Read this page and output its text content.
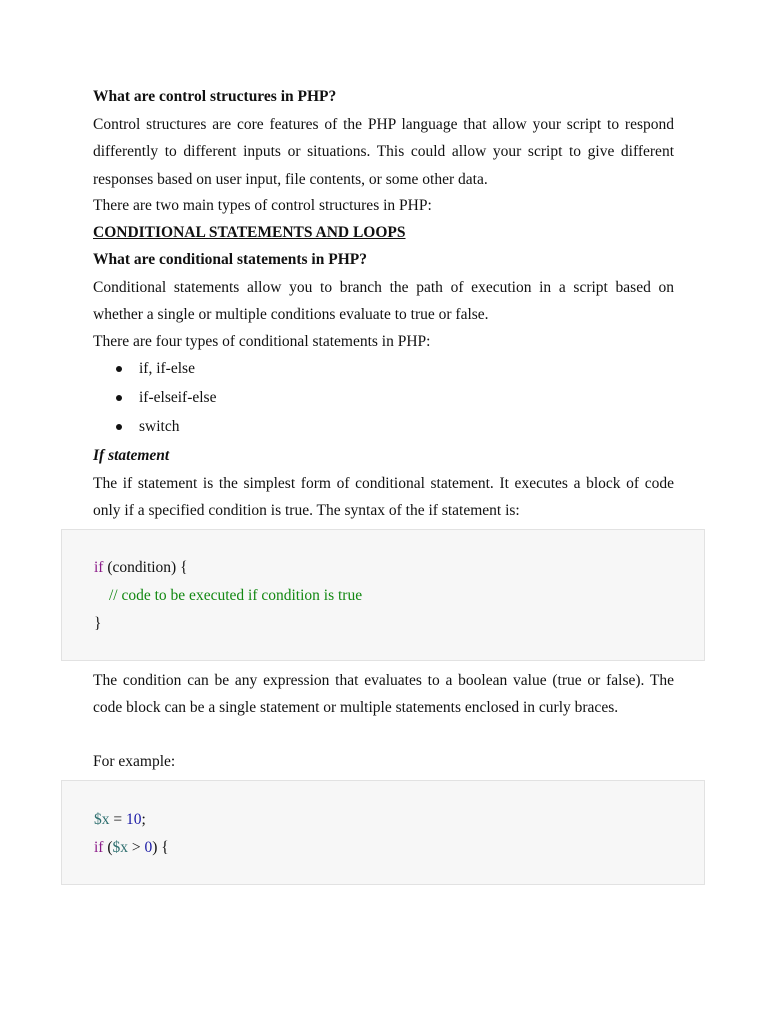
What are control structures in PHP?
Control structures are core features of the PHP language that allow your script to respond differently to different inputs or situations. This could allow your script to give different responses based on user input, file contents, or some other data.
There are two main types of control structures in PHP:
CONDITIONAL STATEMENTS AND LOOPS
What are conditional statements in PHP?
Conditional statements allow you to branch the path of execution in a script based on whether a single or multiple conditions evaluate to true or false.
There are four types of conditional statements in PHP:
if, if-else
if-elseif-else
switch
If statement
The if statement is the simplest form of conditional statement. It executes a block of code only if a specified condition is true. The syntax of the if statement is:
if (condition) {
// code to be executed if condition is true
}
The condition can be any expression that evaluates to a boolean value (true or false). The code block can be a single statement or multiple statements enclosed in curly braces.
For example:
$x = 10;
if ($x > 0) {
